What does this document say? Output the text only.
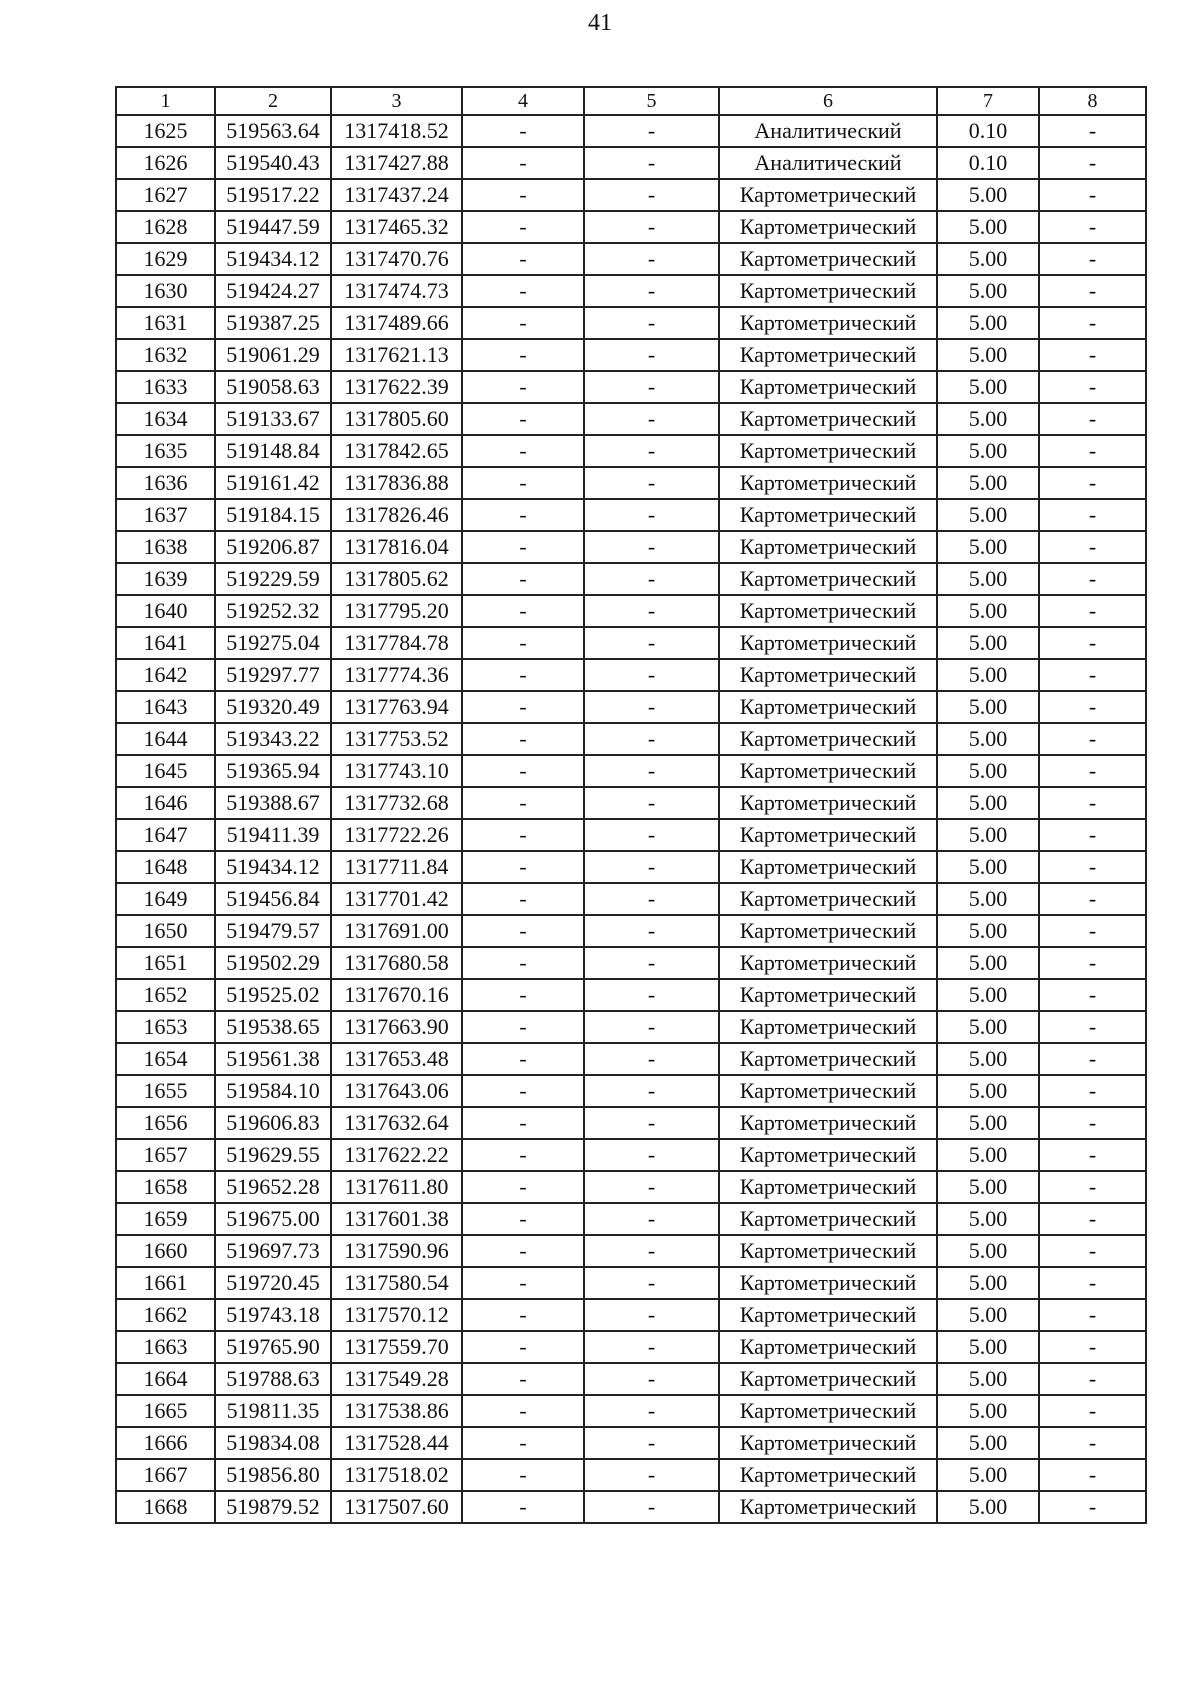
41
1	2	3	4	5	6	7	8
1625	519563.64	1317418.52	-	-	Аналитический	0.10	-
1626	519540.43	1317427.88	-	-	Аналитический	0.10	-
1627	519517.22	1317437.24	-	-	Картометрический	5.00	-
1628	519447.59	1317465.32	-	-	Картометрический	5.00	-
1629	519434.12	1317470.76	-	-	Картометрический	5.00	-
1630	519424.27	1317474.73	-	-	Картометрический	5.00	-
1631	519387.25	1317489.66	-	-	Картометрический	5.00	-
1632	519061.29	1317621.13	-	-	Картометрический	5.00	-
1633	519058.63	1317622.39	-	-	Картометрический	5.00	-
1634	519133.67	1317805.60	-	-	Картометрический	5.00	-
1635	519148.84	1317842.65	-	-	Картометрический	5.00	-
1636	519161.42	1317836.88	-	-	Картометрический	5.00	-
1637	519184.15	1317826.46	-	-	Картометрический	5.00	-
1638	519206.87	1317816.04	-	-	Картометрический	5.00	-
1639	519229.59	1317805.62	-	-	Картометрический	5.00	-
1640	519252.32	1317795.20	-	-	Картометрический	5.00	-
1641	519275.04	1317784.78	-	-	Картометрический	5.00	-
1642	519297.77	1317774.36	-	-	Картометрический	5.00	-
1643	519320.49	1317763.94	-	-	Картометрический	5.00	-
1644	519343.22	1317753.52	-	-	Картометрический	5.00	-
1645	519365.94	1317743.10	-	-	Картометрический	5.00	-
1646	519388.67	1317732.68	-	-	Картометрический	5.00	-
1647	519411.39	1317722.26	-	-	Картометрический	5.00	-
1648	519434.12	1317711.84	-	-	Картометрический	5.00	-
1649	519456.84	1317701.42	-	-	Картометрический	5.00	-
1650	519479.57	1317691.00	-	-	Картометрический	5.00	-
1651	519502.29	1317680.58	-	-	Картометрический	5.00	-
1652	519525.02	1317670.16	-	-	Картометрический	5.00	-
1653	519538.65	1317663.90	-	-	Картометрический	5.00	-
1654	519561.38	1317653.48	-	-	Картометрический	5.00	-
1655	519584.10	1317643.06	-	-	Картометрический	5.00	-
1656	519606.83	1317632.64	-	-	Картометрический	5.00	-
1657	519629.55	1317622.22	-	-	Картометрический	5.00	-
1658	519652.28	1317611.80	-	-	Картометрический	5.00	-
1659	519675.00	1317601.38	-	-	Картометрический	5.00	-
1660	519697.73	1317590.96	-	-	Картометрический	5.00	-
1661	519720.45	1317580.54	-	-	Картометрический	5.00	-
1662	519743.18	1317570.12	-	-	Картометрический	5.00	-
1663	519765.90	1317559.70	-	-	Картометрический	5.00	-
1664	519788.63	1317549.28	-	-	Картометрический	5.00	-
1665	519811.35	1317538.86	-	-	Картометрический	5.00	-
1666	519834.08	1317528.44	-	-	Картометрический	5.00	-
1667	519856.80	1317518.02	-	-	Картометрический	5.00	-
1668	519879.52	1317507.60	-	-	Картометрический	5.00	-
